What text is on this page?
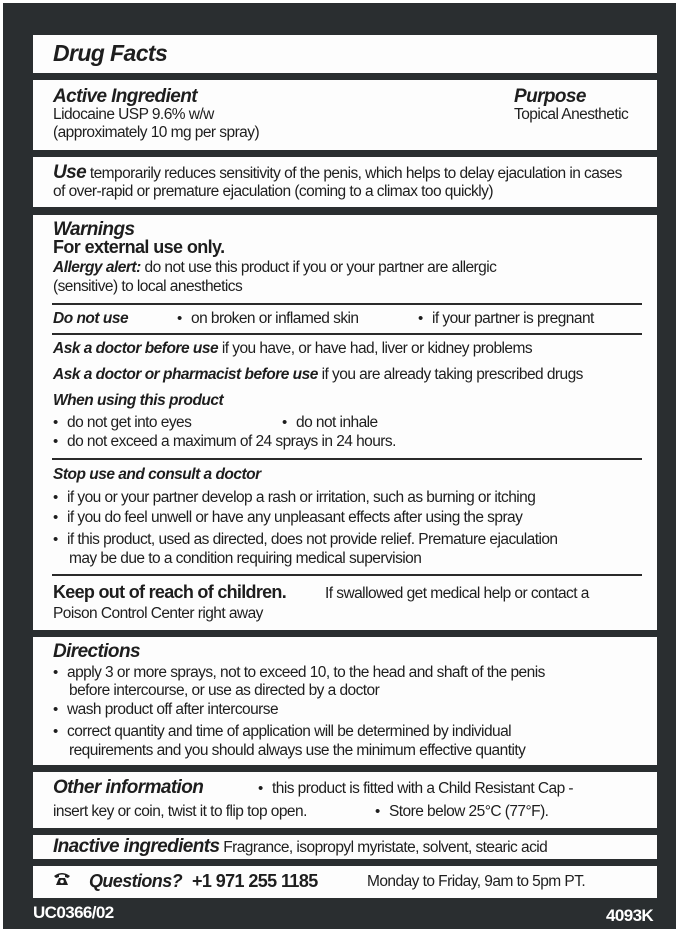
Drug Facts
Active Ingredient
Lidocaine USP 9.6% w/w
(approximately 10 mg per spray)
Purpose
Topical Anesthetic
Use temporarily reduces sensitivity of the penis, which helps to delay ejaculation in cases
of over-rapid or premature ejaculation (coming to a climax too quickly)
Warnings
For external use only.
Allergy alert: do not use this product if you or your partner are allergic
(sensitive) to local anesthetics
Do not use	• on broken or inflamed skin	• if your partner is pregnant
Ask a doctor before use if you have, or have had, liver or kidney problems
Ask a doctor or pharmacist before use if you are already taking prescribed drugs
When using this product
• do not get into eyes	• do not inhale
• do not exceed a maximum of 24 sprays in 24 hours.
Stop use and consult a doctor
• if you or your partner develop a rash or irritation, such as burning or itching
• if you do feel unwell or have any unpleasant effects after using the spray
• if this product, used as directed, does not provide relief. Premature ejaculation
may be due to a condition requiring medical supervision
Keep out of reach of children.	If swallowed get medical help or contact a
Poison Control Center right away
Directions
• apply 3 or more sprays, not to exceed 10, to the head and shaft of the penis
before intercourse, or use as directed by a doctor
• wash product off after intercourse
• correct quantity and time of application will be determined by individual
requirements and you should always use the minimum effective quantity
Other information	• this product is fitted with a Child Resistant Cap -
insert key or coin, twist it to flip top open.	• Store below 25°C (77°F).
Inactive ingredients Fragrance, isopropyl myristate, solvent, stearic acid
Questions? +1 971 255 1185	Monday to Friday, 9am to 5pm PT.
UC0366/02	4093K
